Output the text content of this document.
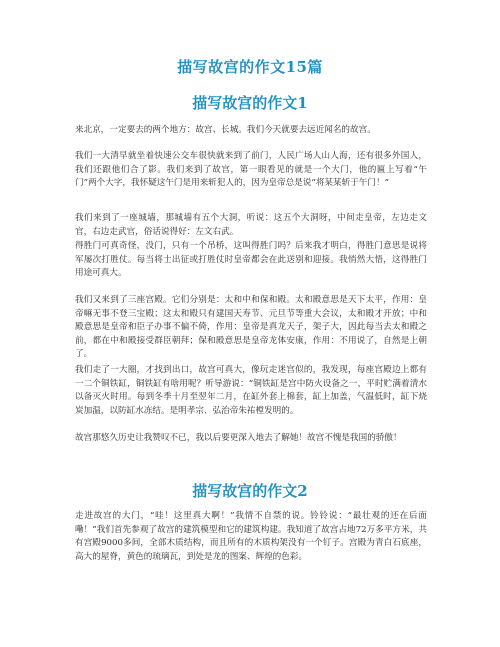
描写故宫的作文15篇
描写故宫的作文1

来北京，一定要去的两个地方：故宫、长城。我们今天就要去远近闻名的故宫。

我们一大清早就坐着快速公交车很快就来到了前门，人民广场人山人海，还有很多外国人，我们还跟他们合了影。我们来到了故宫，第一眼看见的就是一个大门，他的匾上写着“午门”两个大字，我怀疑这午门是用来斩犯人的，因为皇帝总是说“将某某斩于午门！”

我们来到了一座城墙，那城墙有五个大洞，听说：这五个大洞呀，中间走皇帝，左边走文官，右边走武官，俗话说得好：左文右武。

得胜门可真奇怪，没门，只有一个吊桥，这叫得胜门吗？后来我才明白，得胜门意思是说将军屡次打胜仗。每当将士出征或打胜仗时皇帝都会在此送别和迎接。我悄然大悟，这得胜门用途可真大。

我们又来到了三座宫殿。它们分别是：太和中和保和殿。太和殿意思是天下太平，作用：皇帝嘛无事不登三宝殿；这太和殿只有建国天寿节、元旦节等重大会议，太和殿才开放；中和殿意思是皇帝和臣子办事不偏不倚，作用：皇帝是真龙天子，架子大，因此每当去太和殿之前，都在中和殿接受群臣朝拜；保和殿意思是皇帝龙体安康，作用：不用说了，自然是上朝了。

我们走了一大圈，才找到出口，故宫可真大，像玩走迷宫似的，我发现，每座宫殿边上都有一二个铜铁缸，铜铁缸有啥用呢？听导游说：“铜铁缸是宫中防火设备之一，平时贮满着清水以备灭火时用。每到冬季十月至翌年二月，在缸外套上棉套，缸上加盖，气温低时，缸下烧炭加温，以防缸水冻结。是明孝宗、弘治帝朱祐樘发明的。

故宫那悠久历史让我赞叹不已，我以后要更深入地去了解她！故宫不愧是我国的骄傲！

描写故宫的作文2

走进故宫的大门，“哇！这里真大啊！”我情不自禁的说。铃铃说：“最壮观的还在后面嘞！”我们首先参观了故宫的建筑模型和它的建筑构建。我知道了故宫占地72万多平方米，共有宫殿9000多间，全部木质结构，而且所有的木质构架没有一个钉子。宫殿为青白石底座，高大的屋脊，黄色的琉璃瓦，到处是龙的图案、辉煌的色彩。
